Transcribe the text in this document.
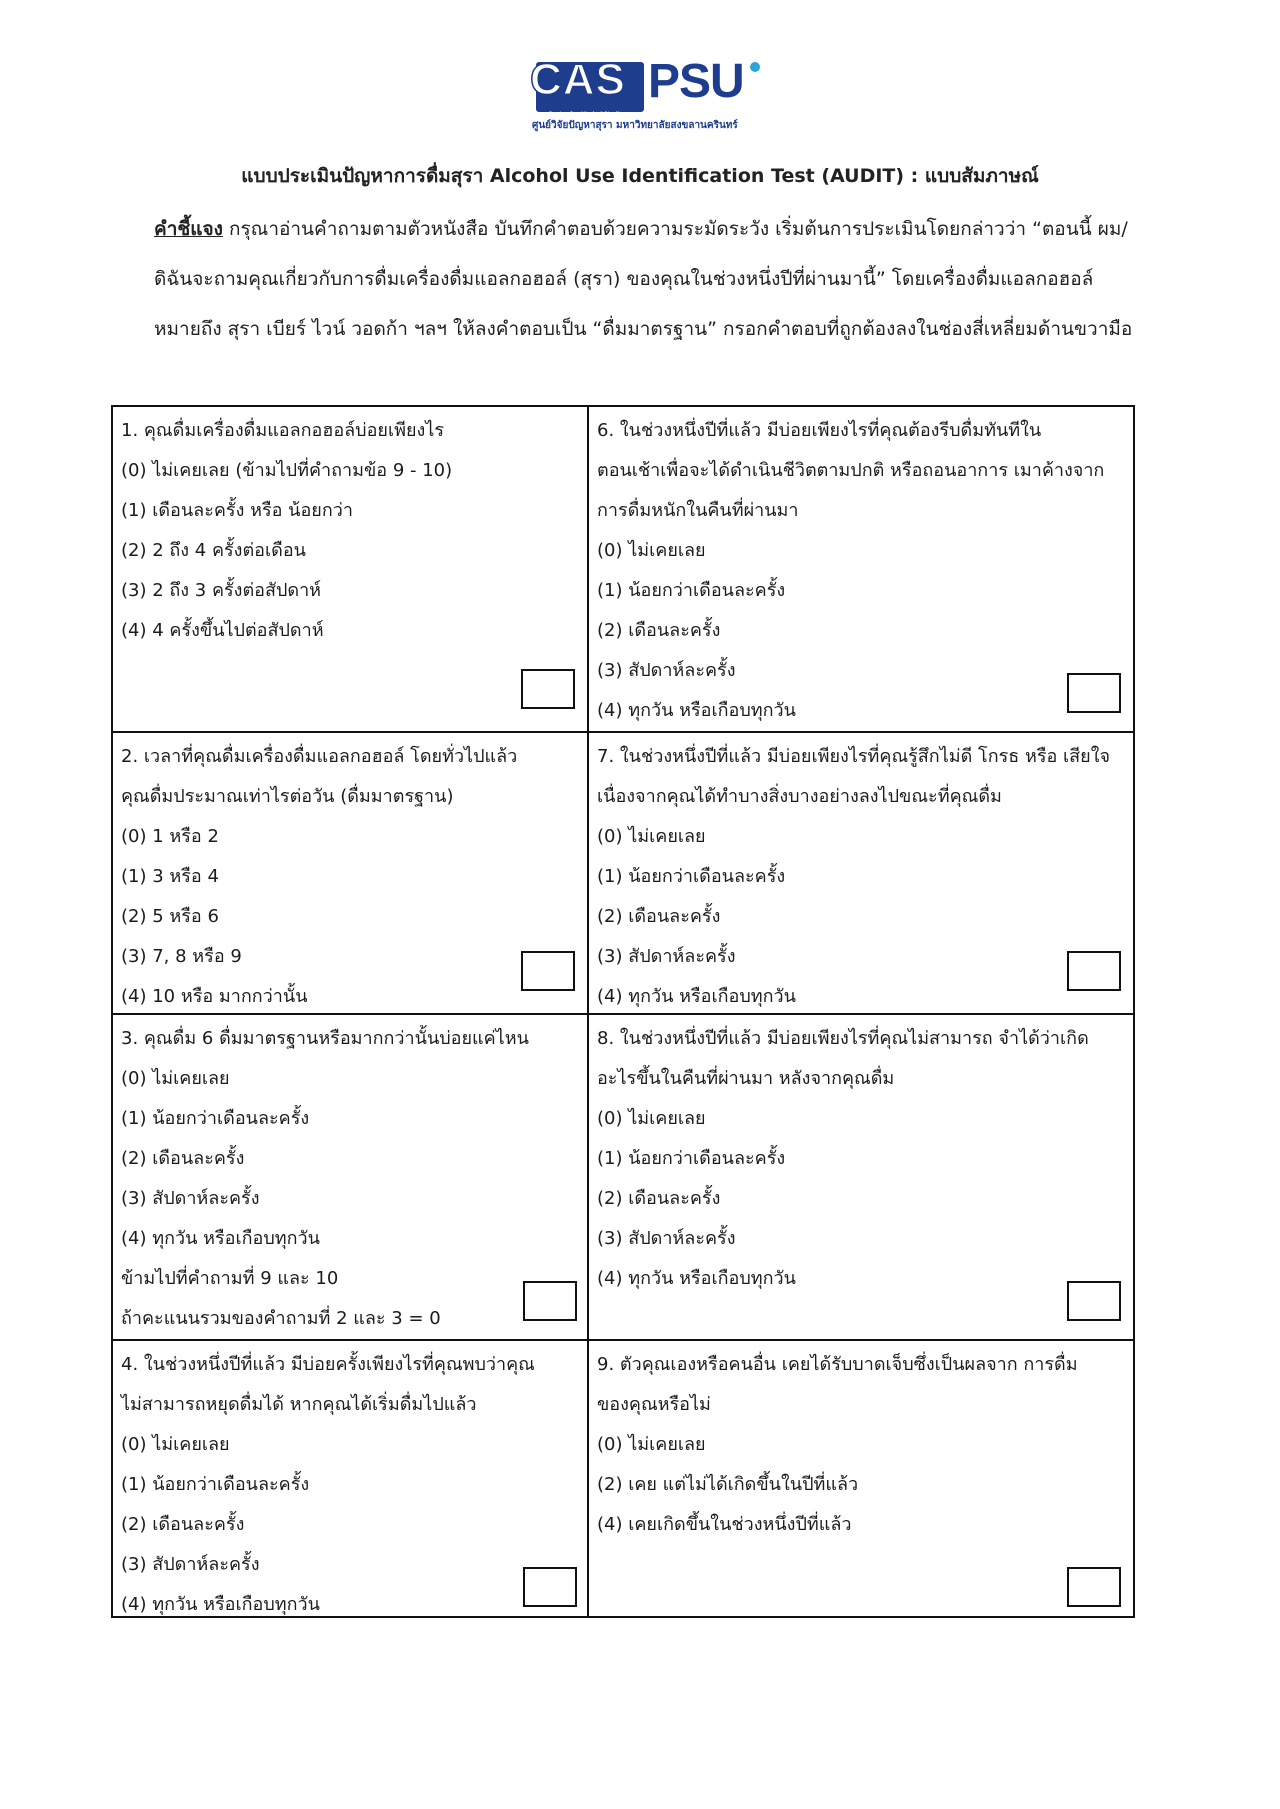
Centre for Alcohol Studies
CAS PSU
ศูนย์วิจัยปัญหาสุรา มหาวิทยาลัยสงขลานครินทร์
แบบประเมินปัญหาการดื่มสุรา Alcohol Use Identification Test (AUDIT) : แบบสัมภาษณ์
คำชี้แจง กรุณาอ่านคำถามตามตัวหนังสือ บันทึกคำตอบด้วยความระมัดระวัง เริ่มต้นการประเมินโดยกล่าวว่า “ตอนนี้ ผม/ดิฉันจะถามคุณเกี่ยวกับการดื่มเครื่องดื่มแอลกอฮอล์ (สุรา) ของคุณในช่วงหนึ่งปีที่ผ่านมานี้” โดยเครื่องดื่มแอลกอฮอล์ หมายถึง สุรา เบียร์ ไวน์ วอดก้า ฯลฯ ให้ลงคำตอบเป็น “ดื่มมาตรฐาน” กรอกคำตอบที่ถูกต้องลงในช่องสี่เหลี่ยมด้านขวามือ
1. คุณดื่มเครื่องดื่มแอลกอฮอล์บ่อยเพียงไร
(0) ไม่เคยเลย (ข้ามไปที่คำถามข้อ 9 - 10)
(1) เดือนละครั้ง หรือ น้อยกว่า
(2) 2 ถึง 4 ครั้งต่อเดือน
(3) 2 ถึง 3 ครั้งต่อสัปดาห์
(4) 4 ครั้งขึ้นไปต่อสัปดาห์
2. เวลาที่คุณดื่มเครื่องดื่มแอลกอฮอล์ โดยทั่วไปแล้ว
คุณดื่มประมาณเท่าไรต่อวัน (ดื่มมาตรฐาน)
(0) 1 หรือ 2
(1) 3 หรือ 4
(2) 5 หรือ 6
(3) 7, 8 หรือ 9
(4) 10 หรือ มากกว่านั้น
3. คุณดื่ม 6 ดื่มมาตรฐานหรือมากกว่านั้นบ่อยแค่ไหน
(0) ไม่เคยเลย
(1) น้อยกว่าเดือนละครั้ง
(2) เดือนละครั้ง
(3) สัปดาห์ละครั้ง
(4) ทุกวัน หรือเกือบทุกวัน
ข้ามไปที่คำถามที่ 9 และ 10
ถ้าคะแนนรวมของคำถามที่ 2 และ 3 = 0
4. ในช่วงหนึ่งปีที่แล้ว มีบ่อยครั้งเพียงไรที่คุณพบว่าคุณ
ไม่สามารถหยุดดื่มได้ หากคุณได้เริ่มดื่มไปแล้ว
(0) ไม่เคยเลย
(1) น้อยกว่าเดือนละครั้ง
(2) เดือนละครั้ง
(3) สัปดาห์ละครั้ง
(4) ทุกวัน หรือเกือบทุกวัน
6. ในช่วงหนึ่งปีที่แล้ว มีบ่อยเพียงไรที่คุณต้องรีบดื่มทันทีใน
ตอนเช้าเพื่อจะได้ดำเนินชีวิตตามปกติ หรือถอนอาการ เมาค้างจาก
การดื่มหนักในคืนที่ผ่านมา
(0) ไม่เคยเลย
(1) น้อยกว่าเดือนละครั้ง
(2) เดือนละครั้ง
(3) สัปดาห์ละครั้ง
(4) ทุกวัน หรือเกือบทุกวัน
7. ในช่วงหนึ่งปีที่แล้ว มีบ่อยเพียงไรที่คุณรู้สึกไม่ดี โกรธ หรือ เสียใจ
เนื่องจากคุณได้ทำบางสิ่งบางอย่างลงไปขณะที่คุณดื่ม
(0) ไม่เคยเลย
(1) น้อยกว่าเดือนละครั้ง
(2) เดือนละครั้ง
(3) สัปดาห์ละครั้ง
(4) ทุกวัน หรือเกือบทุกวัน
8. ในช่วงหนึ่งปีที่แล้ว มีบ่อยเพียงไรที่คุณไม่สามารถ จำได้ว่าเกิด
อะไรขึ้นในคืนที่ผ่านมา หลังจากคุณดื่ม
(0) ไม่เคยเลย
(1) น้อยกว่าเดือนละครั้ง
(2) เดือนละครั้ง
(3) สัปดาห์ละครั้ง
(4) ทุกวัน หรือเกือบทุกวัน
9. ตัวคุณเองหรือคนอื่น เคยได้รับบาดเจ็บซึ่งเป็นผลจาก การดื่ม
ของคุณหรือไม่
(0) ไม่เคยเลย
(2) เคย แต่ไม่ได้เกิดขึ้นในปีที่แล้ว
(4) เคยเกิดขึ้นในช่วงหนึ่งปีที่แล้ว
